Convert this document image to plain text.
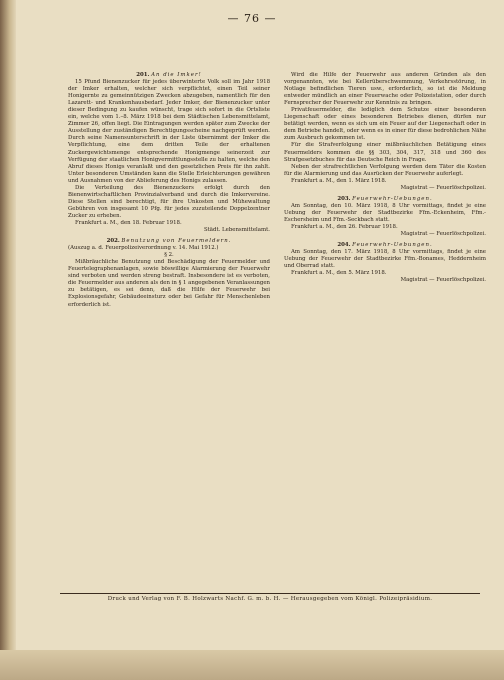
— 76 —

201. An die Imker!

15 Pfund Bienenzucker für jedes überwinterte Volk soll im Jahr 1918 der Imker erhalten, welcher sich verpflichtet, einen Teil seiner Honigernte zu gemeinnützigen Zwecken abzugeben, namentlich für den Lazarett- und Krankenhausbedarf. Jeder Imker, der Bienenzucker unter dieser Bedingung zu kaufen wünscht, trage sich sofort in die Ortsliste ein, welche vom 1.–8. März 1918 bei dem Städtischen Lebensmittelamt, Zimmer 26, offen liegt. Die Eintragungen werden später zum Zwecke der Ausstellung der zuständigen Berechtigungsscheine nachgeprüft werden. Durch seine Namensunterschrift in der Liste übernimmt der Imker die Verpflichtung, eine dem dritten Teile der erhaltenen Zuckergewichtsmenge entsprechende Honigmenge seinerzeit zur Verfügung der staatlichen Honigvermittlungsstelle zu halten, welche den Abruf dieses Honigs veranlaßt und den gesetzlichen Preis für ihn zahlt. Unter besonderen Umständen kann die Stelle Erleichterungen gewähren und Ausnahmen von der Ablieferung des Honigs zulassen.

Die Verteilung des Bienenzuckers erfolgt durch den Bienenwirtschaftlichen Provinzialverband und durch die Imkervereine. Diese Stellen sind berechtigt, für ihre Unkosten und Mühewaltung Gebühren von insgesamt 10 Pfg. für jedes zuzuteilende Doppelzentner Zucker zu erheben.

Frankfurt a. M., den 18. Februar 1918.

Städt. Lebensmittelamt.

202. Benutzung von Feuermeldern.

(Auszug a. d. Feuerpolizeiverordnung v. 14. Mai 1912.)

§ 2.

Mißbräuchliche Benutzung und Beschädigung der Feuermelder und Feuertelegraphenanlagen, sowie böswillige Alarmierung der Feuerwehr sind verboten und werden streng bestraft. Insbesondere ist es verboten, die Feuermelder aus anderen als den in § 1 angegebenen Veranlassungen zu betätigen, es sei denn, daß die Hilfe der Feuerwehr bei Explosionsgefahr, Gebäudeeinsturz oder bei Gefahr für Menschenleben erforderlich ist.

Wird die Hilfe der Feuerwehr aus anderen Gründen als den vorgenannten, wie bei Kellerüberschwemmung, Verkehrsstörung, in Notlage befindlichen Tieren usw., erforderlich, so ist die Meldung entweder mündlich an einer Feuerwache oder Polizeistation, oder durch Fernsprecher der Feuerwehr zur Kenntnis zu bringen.

Privatfeuermelder, die lediglich dem Schutze einer besonderen Liegenschaft oder eines besonderen Betriebes dienen, dürfen nur betätigt werden, wenn es sich um ein Feuer auf der Liegenschaft oder in dem Betriebe handelt, oder wenn es in einer für diese bedrohlichen Nähe zum Ausbruch gekommen ist.

Für die Strafverfolgung einer mißbräuchlichen Betätigung eines Feuermelders kommen die §§ 303, 304, 317, 318 und 360 des Strafgesetzbuches für das Deutsche Reich in Frage.

Neben der strafrechtlichen Verfolgung werden dem Täter die Kosten für die Alarmierung und das Ausrücken der Feuerwehr auferlegt.

Frankfurt a. M., den 1. März 1918.

Magistrat — Feuerlöschpolizei.

203. Feuerwehr-Uebungen.

Am Sonntag, den 10. März 1918, 8 Uhr vormittags, findet je eine Uebung der Feuerwehr der Stadtbezirke Ffm.-Eckenheim, Ffm.-Eschersheim und Ffm.-Seckbach statt.

Frankfurt a. M., den 26. Februar 1918.

Magistrat — Feuerlöschpolizei.

204. Feuerwehr-Uebungen.

Am Sonntag, den 17. März 1918, 8 Uhr vormittags, findet je eine Uebung der Feuerwehr der Stadtbezirke Ffm.-Bonames, Heddernheim und Oberrad statt.

Frankfurt a. M., den 5. März 1918.

Magistrat — Feuerlöschpolizei.

Druck und Verlag von F. B. Holzwarts Nachf. G. m. b. H. — Herausgegeben vom Königl. Polizeipräsidium.
